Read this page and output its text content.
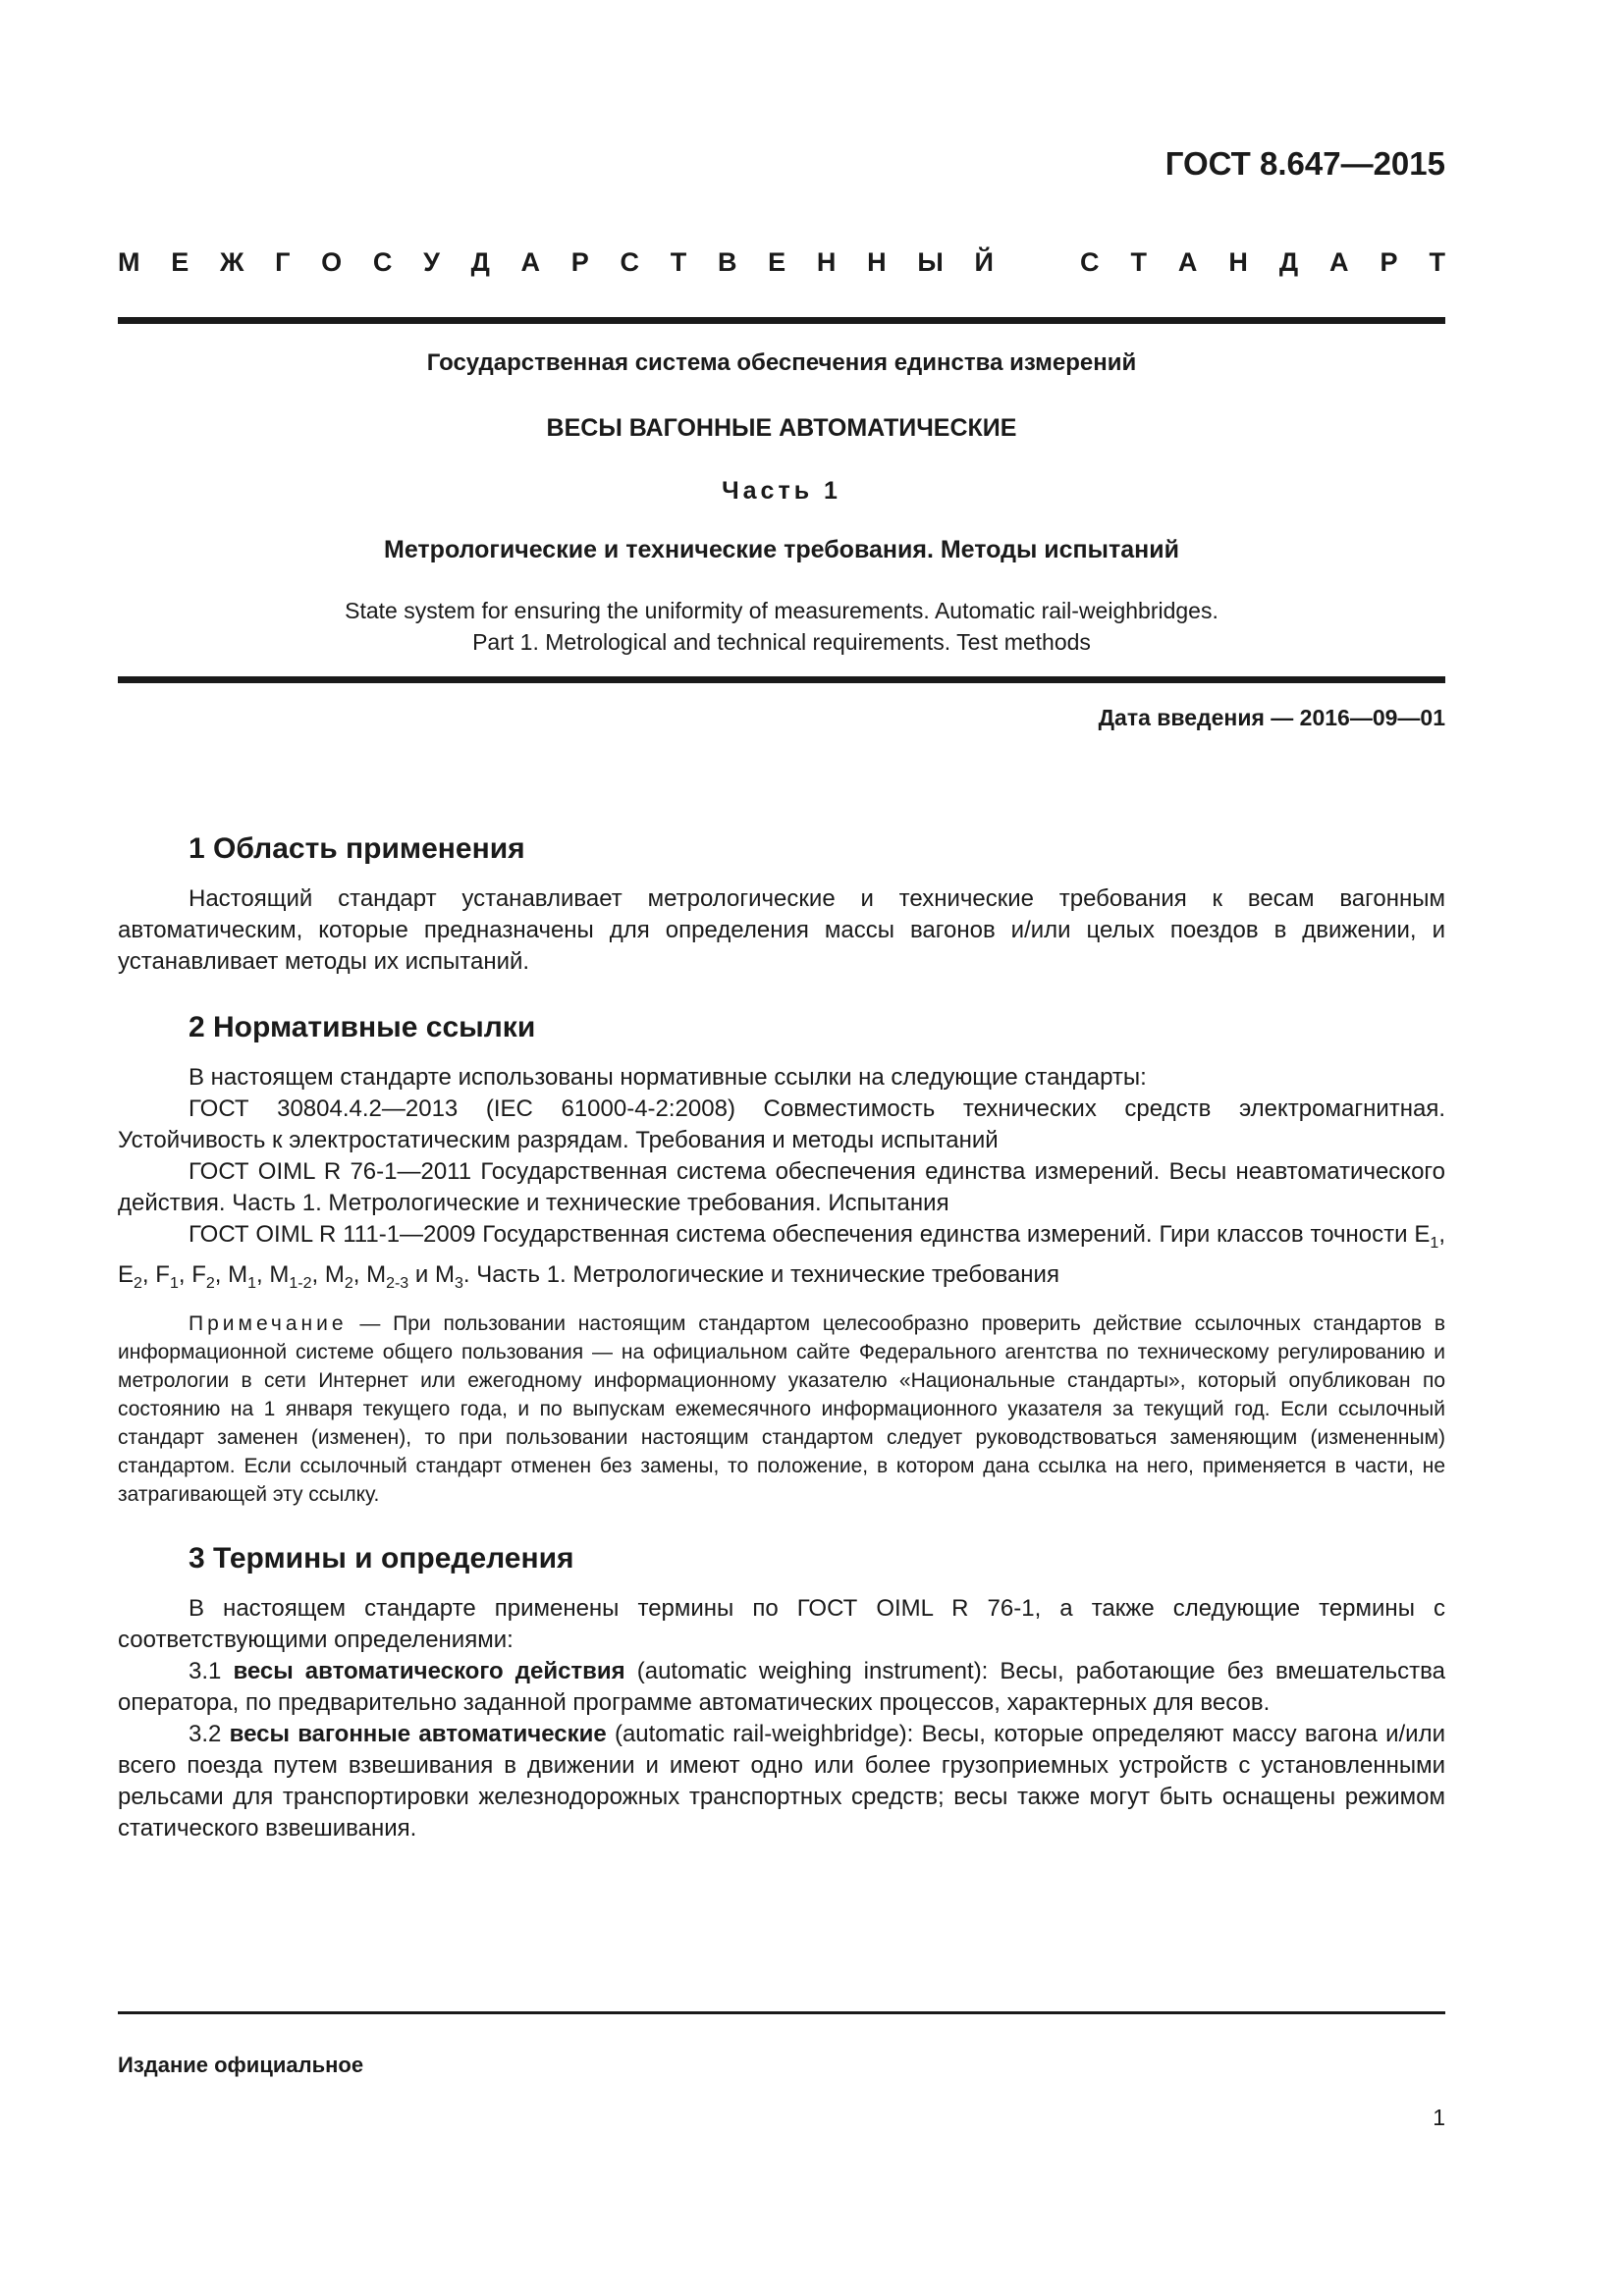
ГОСТ 8.647—2015
М Е Ж Г О С У Д А Р С Т В Е Н Н Ы Й	С Т А Н Д А Р Т
Государственная система обеспечения единства измерений
ВЕСЫ ВАГОННЫЕ АВТОМАТИЧЕСКИЕ
Часть 1
Метрологические и технические требования. Методы испытаний
State system for ensuring the uniformity of measurements. Automatic rail-weighbridges.
Part 1. Metrological and technical requirements. Test methods
Дата введения — 2016—09—01
1 Область применения

Настоящий стандарт устанавливает метрологические и технические требования к весам вагонным автоматическим, которые предназначены для определения массы вагонов и/или целых поездов в движении, и устанавливает методы их испытаний.

2 Нормативные ссылки

В настоящем стандарте использованы нормативные ссылки на следующие стандарты:

ГОСТ 30804.4.2—2013 (IEC 61000-4-2:2008) Совместимость технических средств электромагнитная. Устойчивость к электростатическим разрядам. Требования и методы испытаний

ГОСТ OIML R 76-1—2011 Государственная система обеспечения единства измерений. Весы неавтоматического действия. Часть 1. Метрологические и технические требования. Испытания

ГОСТ OIML R 111-1—2009 Государственная система обеспечения единства измерений. Гири классов точности $E_1$, $E_2$, $F_1$, $F_2$, $M_1$, $M_{1-2}$, $M_2$, $M_{2-3}$ и $M_3$. Часть 1. Метрологические и технические требования

Примечание — При пользовании настоящим стандартом целесообразно проверить действие ссылочных стандартов в информационной системе общего пользования — на официальном сайте Федерального агентства по техническому регулированию и метрологии в сети Интернет или ежегодному информационному указателю «Национальные стандарты», который опубликован по состоянию на 1 января текущего года, и по выпускам ежемесячного информационного указателя за текущий год. Если ссылочный стандарт заменен (изменен), то при пользовании настоящим стандартом следует руководствоваться заменяющим (измененным) стандартом. Если ссылочный стандарт отменен без замены, то положение, в котором дана ссылка на него, применяется в части, не затрагивающей эту ссылку.
3 Термины и определения

В настоящем стандарте применены термины по ГОСТ OIML R 76-1, а также следующие термины с соответствующими определениями:

3.1 весы автоматического действия (automatic weighing instrument): Весы, работающие без вмешательства оператора, по предварительно заданной программе автоматических процессов, характерных для весов.

3.2 весы вагонные автоматические (automatic rail-weighbridge): Весы, которые определяют массу вагона и/или всего поезда путем взвешивания в движении и имеют одно или более грузоприемных устройств с установленными рельсами для транспортировки железнодорожных транспортных средств; весы также могут быть оснащены режимом статического взвешивания.

Издание официальное
1
